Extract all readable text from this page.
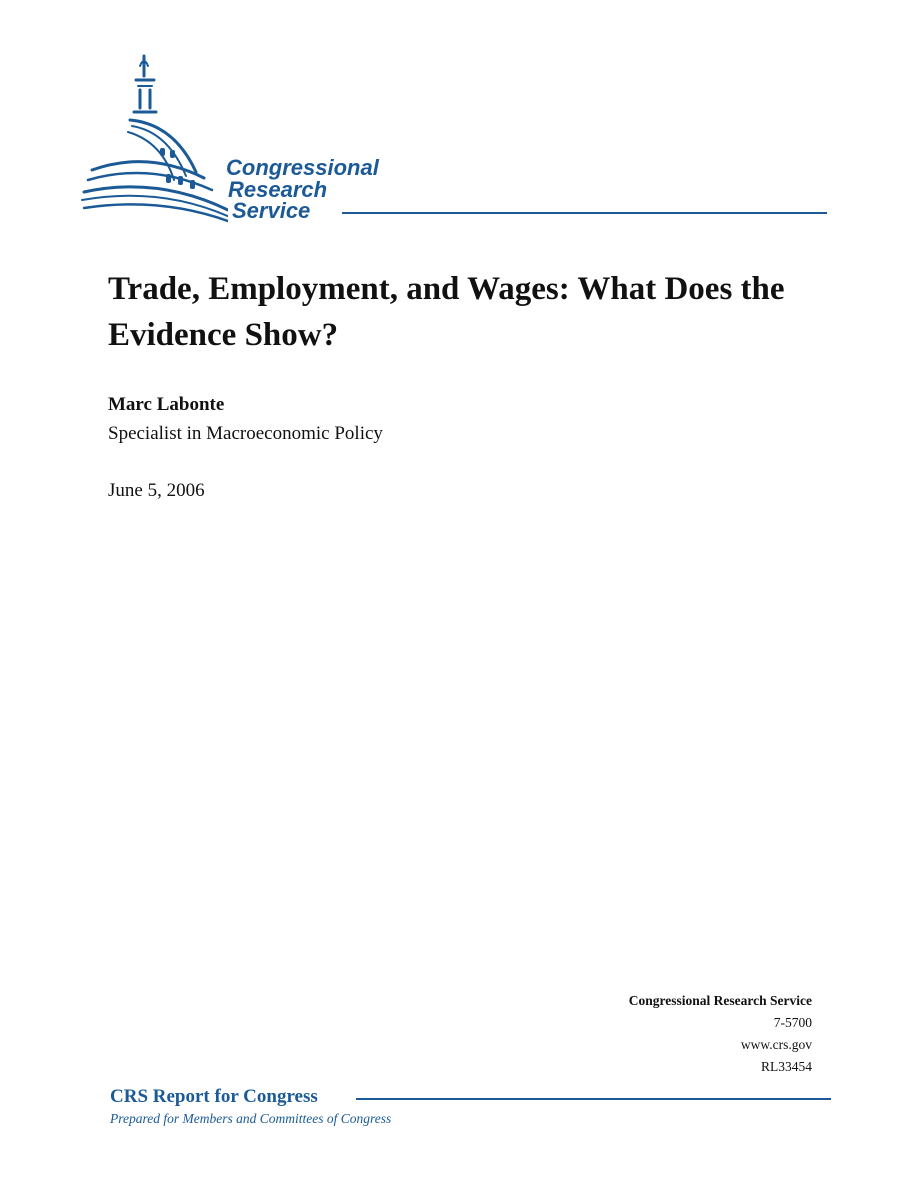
Congressional
Research
Service
Trade, Employment, and Wages: What Does the Evidence Show?
Marc Labonte
Specialist in Macroeconomic Policy
June 5, 2006
Congressional Research Service
7-5700
www.crs.gov
RL33454
CRS Report for Congress
Prepared for Members and Committees of Congress
